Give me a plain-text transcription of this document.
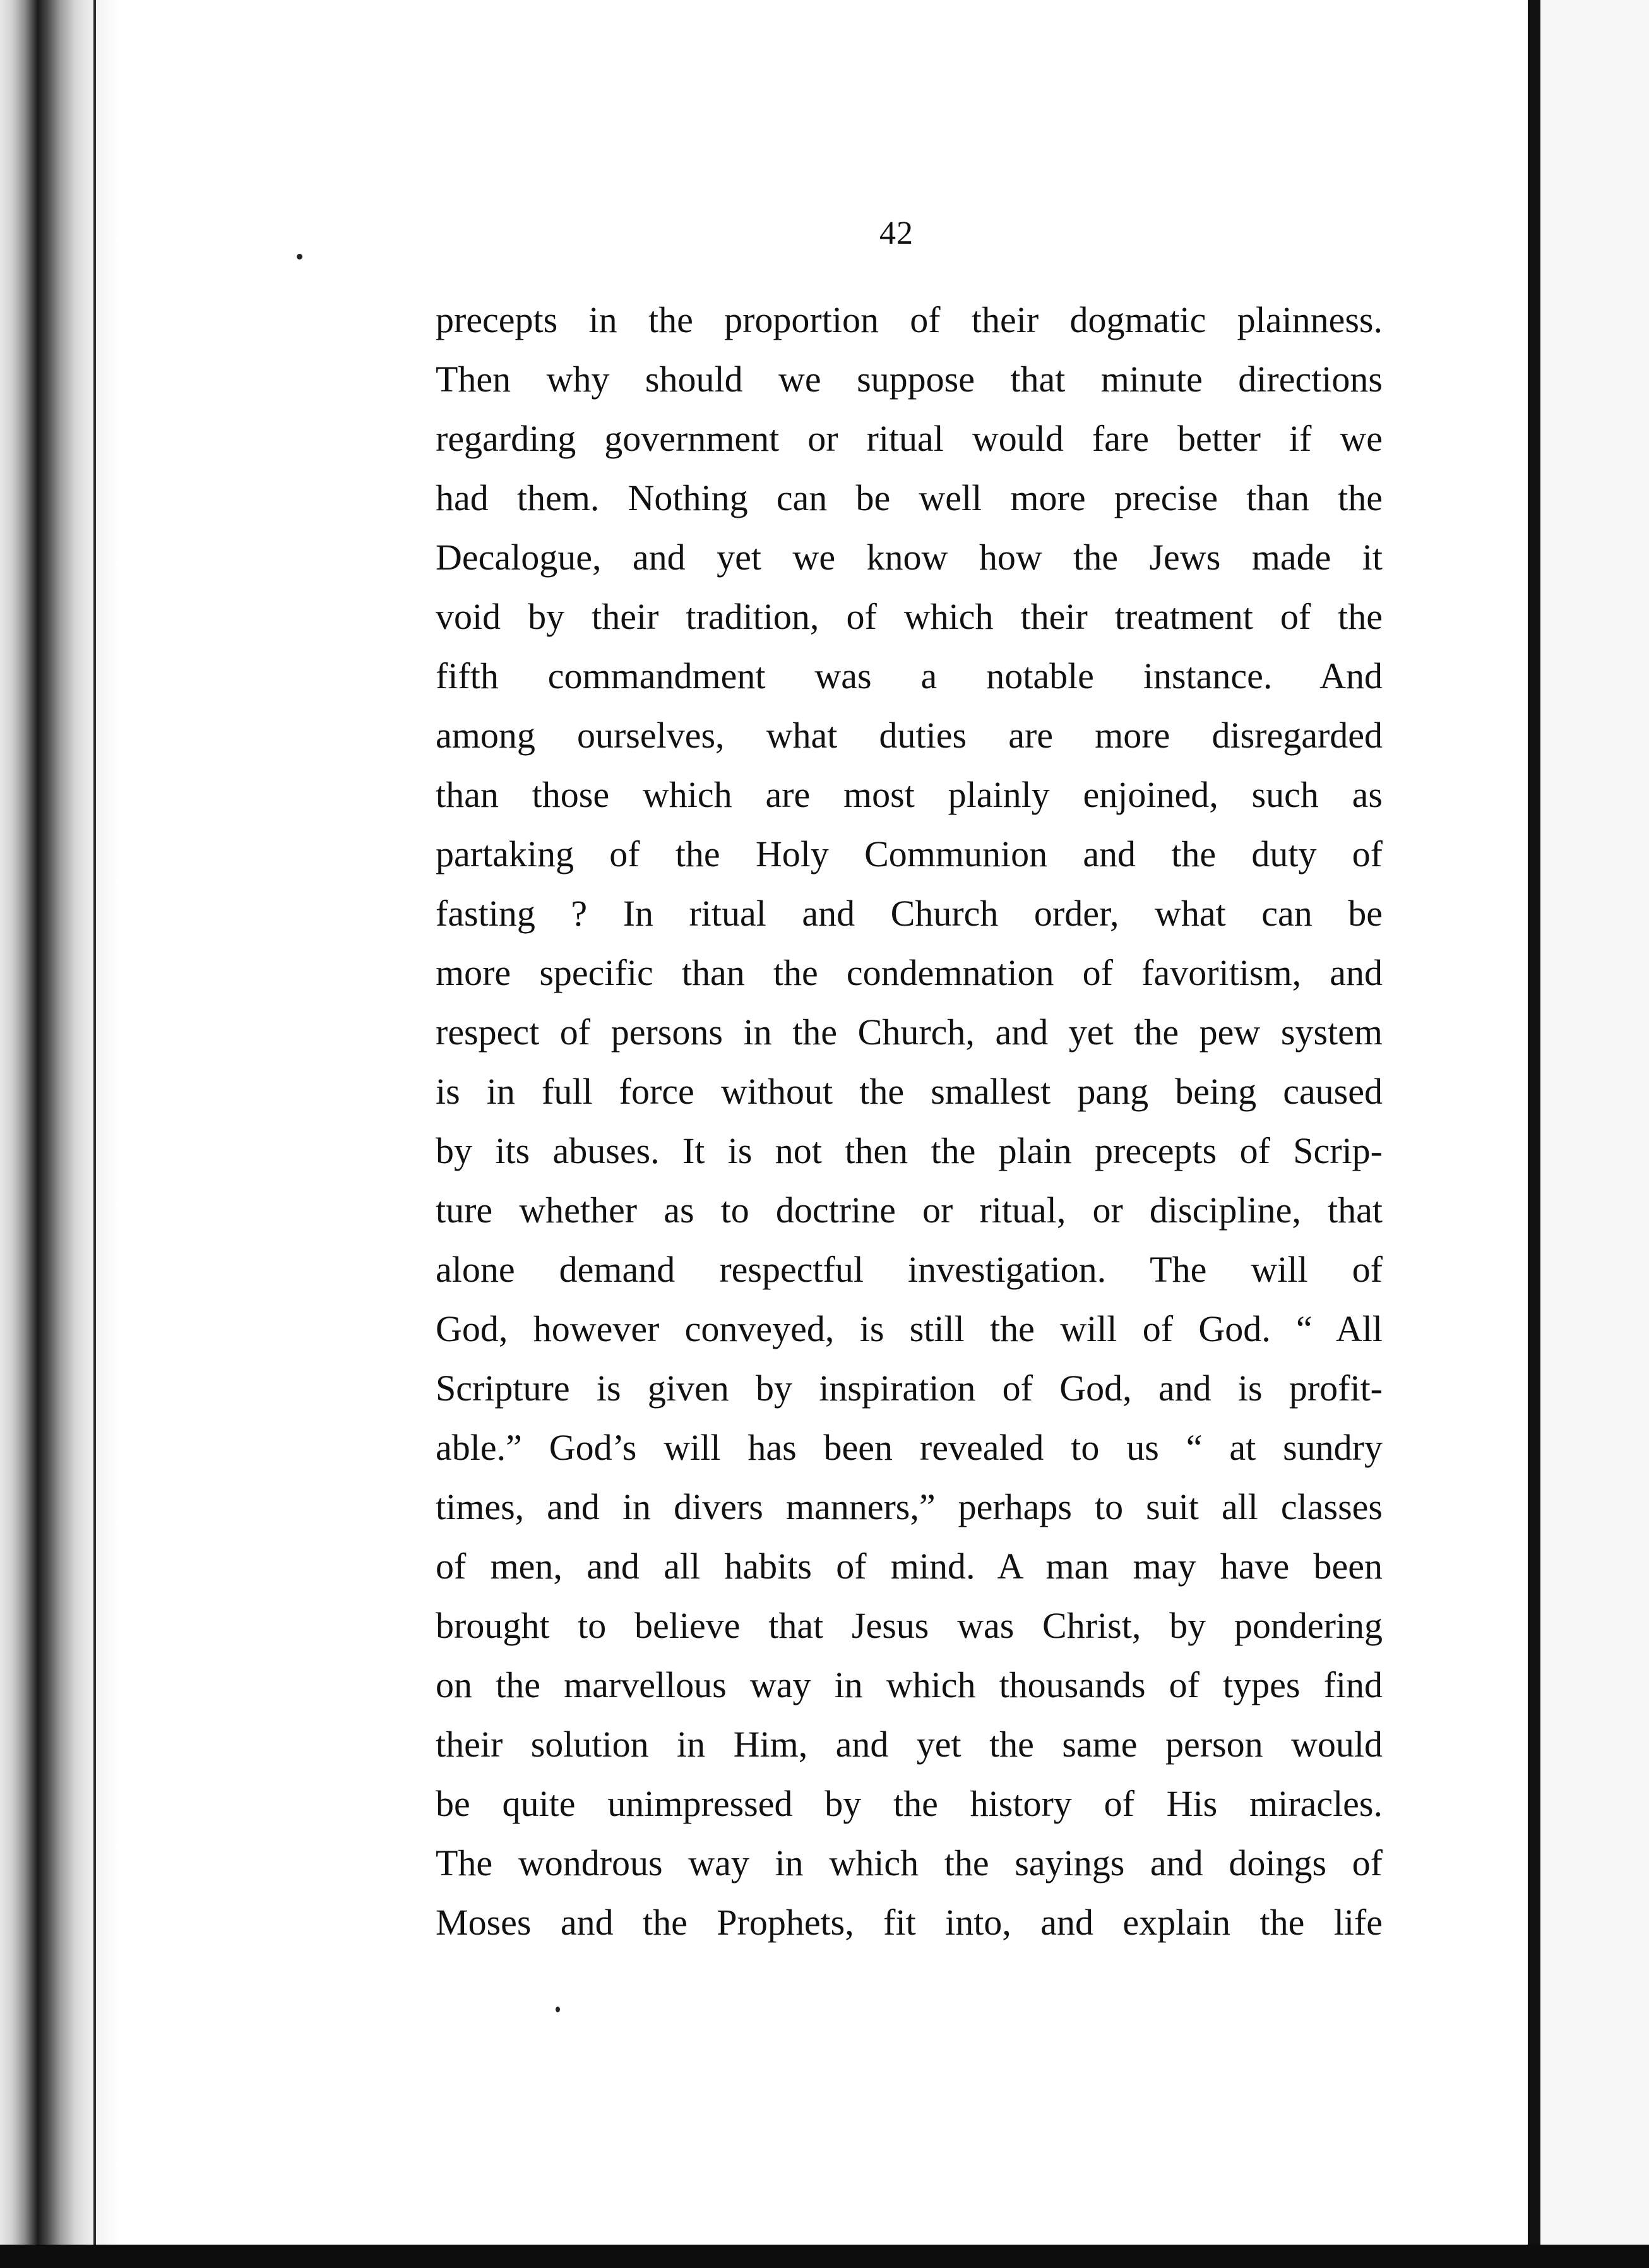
42
precepts in the proportion of their dogmatic plainness.
Then why should we suppose that minute directions
regarding government or ritual would fare better if we
had them. Nothing can be well more precise than the
Decalogue, and yet we know how the Jews made it
void by their tradition, of which their treatment of the
fifth commandment was a notable instance. And
among ourselves, what duties are more disregarded
than those which are most plainly enjoined, such as
partaking of the Holy Communion and the duty of
fasting ? In ritual and Church order, what can be
more specific than the condemnation of favoritism, and
respect of persons in the Church, and yet the pew system
is in full force without the smallest pang being caused
by its abuses. It is not then the plain precepts of Scrip-
ture whether as to doctrine or ritual, or discipline, that
alone demand respectful investigation. The will of
God, however conveyed, is still the will of God. “ All
Scripture is given by inspiration of God, and is profit-
able.” God’s will has been revealed to us “ at sundry
times, and in divers manners,” perhaps to suit all classes
of men, and all habits of mind. A man may have been
brought to believe that Jesus was Christ, by pondering
on the marvellous way in which thousands of types find
their solution in Him, and yet the same person would
be quite unimpressed by the history of His miracles.
The wondrous way in which the sayings and doings of
Moses and the Prophets, fit into, and explain the life
